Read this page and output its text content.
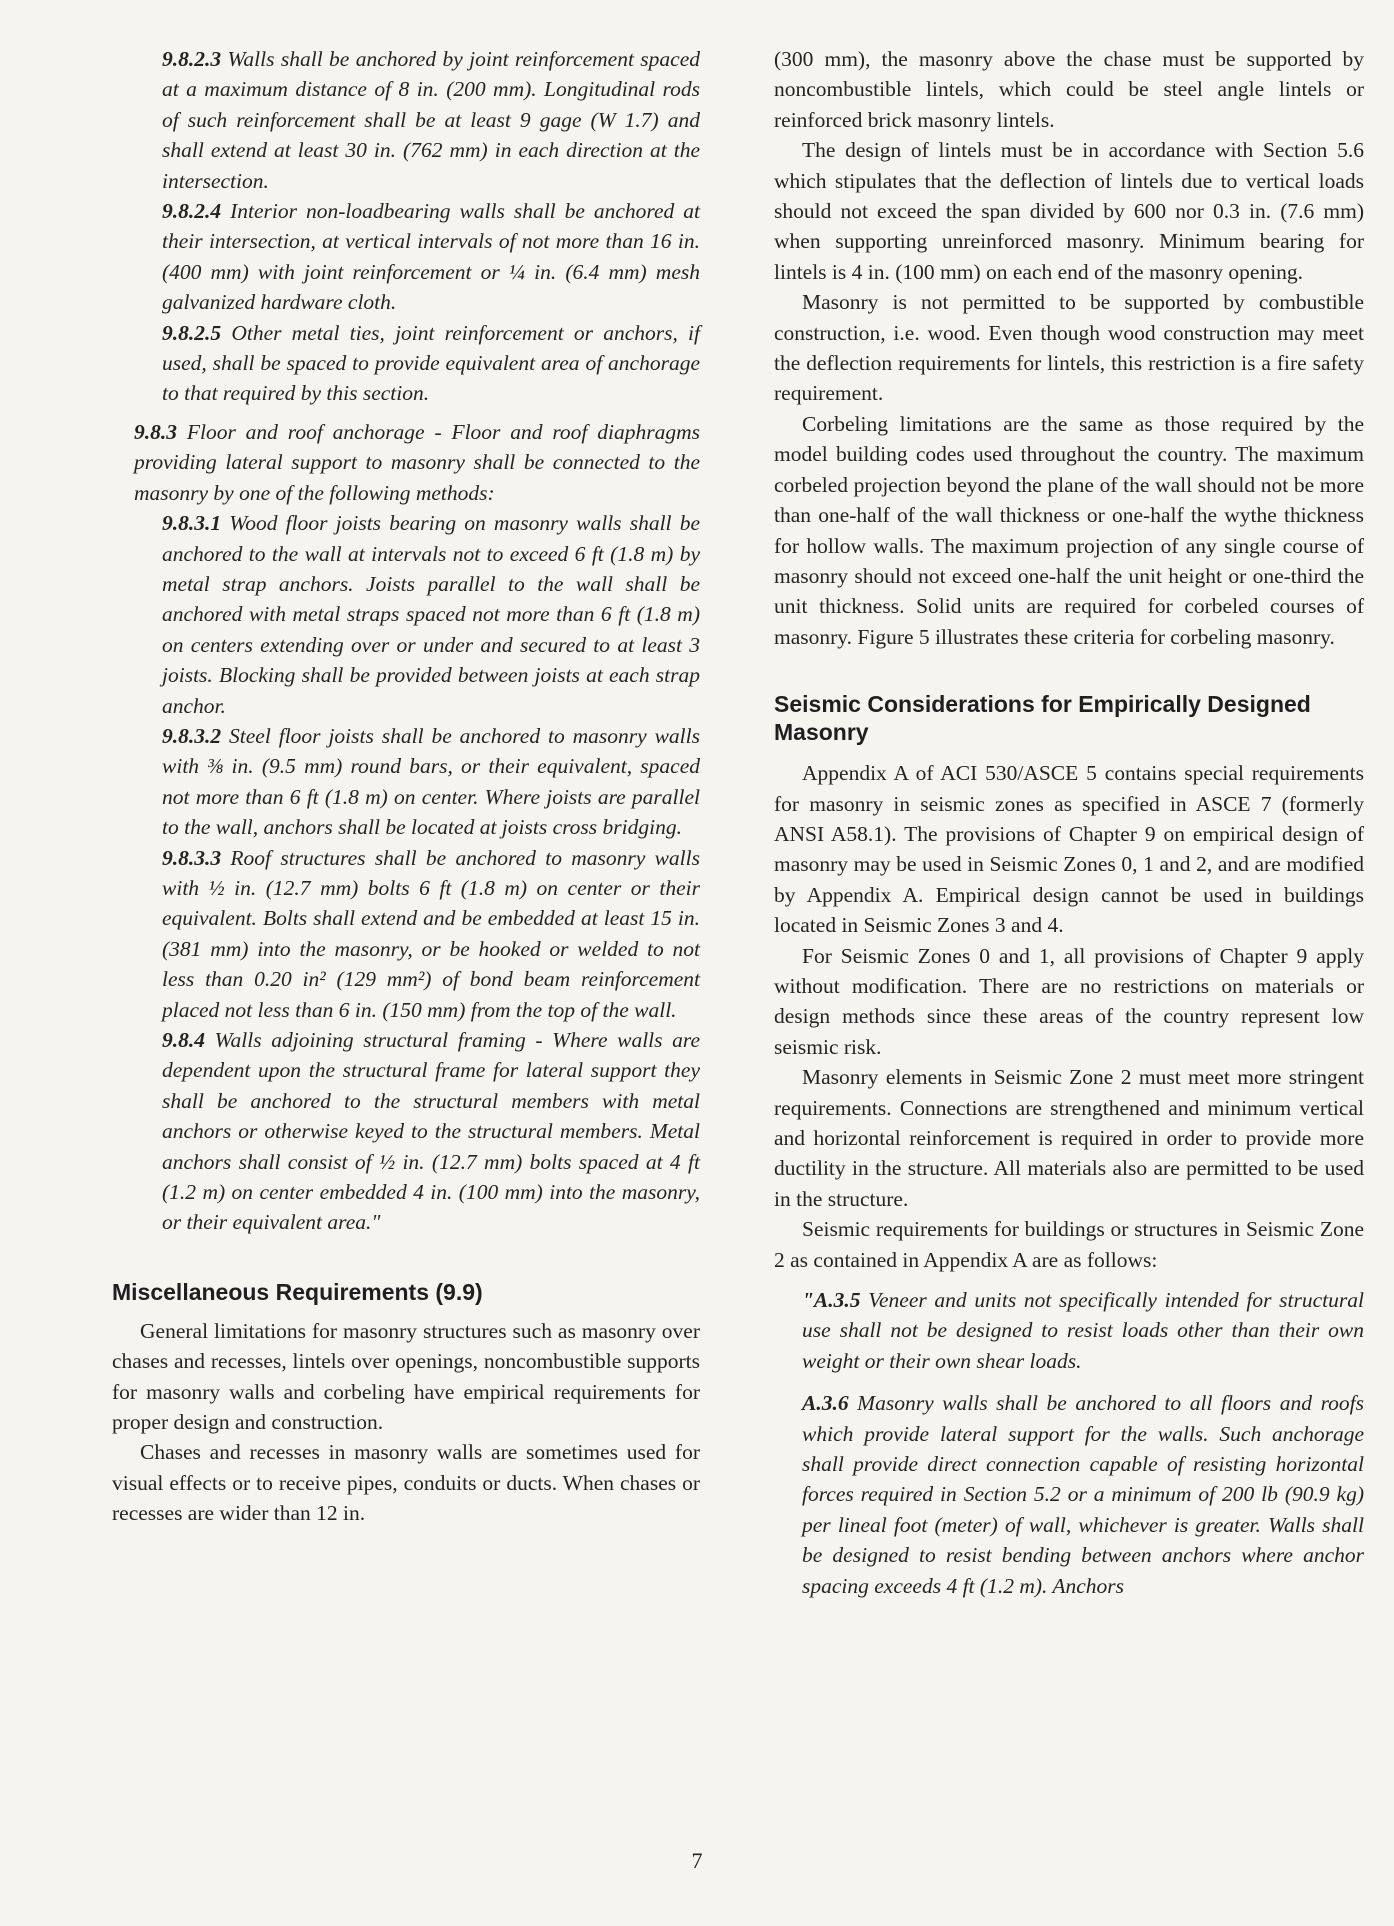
9.8.2.3 Walls shall be anchored by joint reinforcement spaced at a maximum distance of 8 in. (200 mm). Longitudinal rods of such reinforcement shall be at least 9 gage (W 1.7) and shall extend at least 30 in. (762 mm) in each direction at the intersection.

9.8.2.4 Interior non-loadbearing walls shall be anchored at their intersection, at vertical intervals of not more than 16 in. (400 mm) with joint reinforcement or ¼ in. (6.4 mm) mesh galvanized hardware cloth.

9.8.2.5 Other metal ties, joint reinforcement or anchors, if used, shall be spaced to provide equivalent area of anchorage to that required by this section.

9.8.3 Floor and roof anchorage - Floor and roof diaphragms providing lateral support to masonry shall be connected to the masonry by one of the following methods:

9.8.3.1 Wood floor joists bearing on masonry walls shall be anchored to the wall at intervals not to exceed 6 ft (1.8 m) by metal strap anchors. Joists parallel to the wall shall be anchored with metal straps spaced not more than 6 ft (1.8 m) on centers extending over or under and secured to at least 3 joists. Blocking shall be provided between joists at each strap anchor.

9.8.3.2 Steel floor joists shall be anchored to masonry walls with ⅜ in. (9.5 mm) round bars, or their equivalent, spaced not more than 6 ft (1.8 m) on center. Where joists are parallel to the wall, anchors shall be located at joists cross bridging.

9.8.3.3 Roof structures shall be anchored to masonry walls with ½ in. (12.7 mm) bolts 6 ft (1.8 m) on center or their equivalent. Bolts shall extend and be embedded at least 15 in. (381 mm) into the masonry, or be hooked or welded to not less than 0.20 in² (129 mm²) of bond beam reinforcement placed not less than 6 in. (150 mm) from the top of the wall.

9.8.4 Walls adjoining structural framing - Where walls are dependent upon the structural frame for lateral support they shall be anchored to the structural members with metal anchors or otherwise keyed to the structural members. Metal anchors shall consist of ½ in. (12.7 mm) bolts spaced at 4 ft (1.2 m) on center embedded 4 in. (100 mm) into the masonry, or their equivalent area."

Miscellaneous Requirements (9.9)

General limitations for masonry structures such as masonry over chases and recesses, lintels over openings, noncombustible supports for masonry walls and corbeling have empirical requirements for proper design and construction.

Chases and recesses in masonry walls are sometimes used for visual effects or to receive pipes, conduits or ducts. When chases or recesses are wider than 12 in.

(300 mm), the masonry above the chase must be supported by noncombustible lintels, which could be steel angle lintels or reinforced brick masonry lintels.

The design of lintels must be in accordance with Section 5.6 which stipulates that the deflection of lintels due to vertical loads should not exceed the span divided by 600 nor 0.3 in. (7.6 mm) when supporting unreinforced masonry. Minimum bearing for lintels is 4 in. (100 mm) on each end of the masonry opening.

Masonry is not permitted to be supported by combustible construction, i.e. wood. Even though wood construction may meet the deflection requirements for lintels, this restriction is a fire safety requirement.

Corbeling limitations are the same as those required by the model building codes used throughout the country. The maximum corbeled projection beyond the plane of the wall should not be more than one-half of the wall thickness or one-half the wythe thickness for hollow walls. The maximum projection of any single course of masonry should not exceed one-half the unit height or one-third the unit thickness. Solid units are required for corbeled courses of masonry. Figure 5 illustrates these criteria for corbeling masonry.

Seismic Considerations for Empirically Designed Masonry

Appendix A of ACI 530/ASCE 5 contains special requirements for masonry in seismic zones as specified in ASCE 7 (formerly ANSI A58.1). The provisions of Chapter 9 on empirical design of masonry may be used in Seismic Zones 0, 1 and 2, and are modified by Appendix A. Empirical design cannot be used in buildings located in Seismic Zones 3 and 4.

For Seismic Zones 0 and 1, all provisions of Chapter 9 apply without modification. There are no restrictions on materials or design methods since these areas of the country represent low seismic risk.

Masonry elements in Seismic Zone 2 must meet more stringent requirements. Connections are strengthened and minimum vertical and horizontal reinforcement is required in order to provide more ductility in the structure. All materials also are permitted to be used in the structure.

Seismic requirements for buildings or structures in Seismic Zone 2 as contained in Appendix A are as follows:

"A.3.5 Veneer and units not specifically intended for structural use shall not be designed to resist loads other than their own weight or their own shear loads.

A.3.6 Masonry walls shall be anchored to all floors and roofs which provide lateral support for the walls. Such anchorage shall provide direct connection capable of resisting horizontal forces required in Section 5.2 or a minimum of 200 lb (90.9 kg) per lineal foot (meter) of wall, whichever is greater. Walls shall be designed to resist bending between anchors where anchor spacing exceeds 4 ft (1.2 m). Anchors

7
